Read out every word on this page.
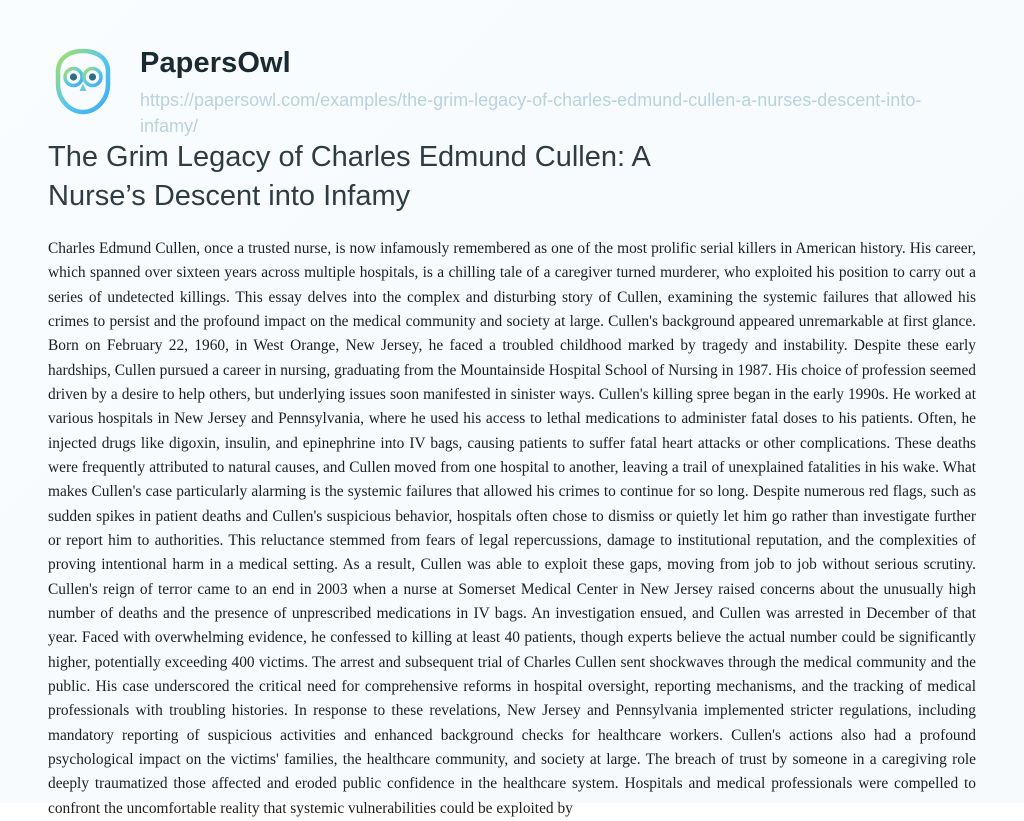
PapersOwl
https://papersowl.com/examples/the-grim-legacy-of-charles-edmund-cullen-a-nurses-descent-into-infamy/
The Grim Legacy of Charles Edmund Cullen: A Nurse’s Descent into Infamy

Charles Edmund Cullen, once a trusted nurse, is now infamously remembered as one of the most prolific serial killers in American history. His career, which spanned over sixteen years across multiple hospitals, is a chilling tale of a caregiver turned murderer, who exploited his position to carry out a series of undetected killings. This essay delves into the complex and disturbing story of Cullen, examining the systemic failures that allowed his crimes to persist and the profound impact on the medical community and society at large. Cullen's background appeared unremarkable at first glance. Born on February 22, 1960, in West Orange, New Jersey, he faced a troubled childhood marked by tragedy and instability. Despite these early hardships, Cullen pursued a career in nursing, graduating from the Mountainside Hospital School of Nursing in 1987. His choice of profession seemed driven by a desire to help others, but underlying issues soon manifested in sinister ways. Cullen's killing spree began in the early 1990s. He worked at various hospitals in New Jersey and Pennsylvania, where he used his access to lethal medications to administer fatal doses to his patients. Often, he injected drugs like digoxin, insulin, and epinephrine into IV bags, causing patients to suffer fatal heart attacks or other complications. These deaths were frequently attributed to natural causes, and Cullen moved from one hospital to another, leaving a trail of unexplained fatalities in his wake. What makes Cullen's case particularly alarming is the systemic failures that allowed his crimes to continue for so long. Despite numerous red flags, such as sudden spikes in patient deaths and Cullen's suspicious behavior, hospitals often chose to dismiss or quietly let him go rather than investigate further or report him to authorities. This reluctance stemmed from fears of legal repercussions, damage to institutional reputation, and the complexities of proving intentional harm in a medical setting. As a result, Cullen was able to exploit these gaps, moving from job to job without serious scrutiny. Cullen's reign of terror came to an end in 2003 when a nurse at Somerset Medical Center in New Jersey raised concerns about the unusually high number of deaths and the presence of unprescribed medications in IV bags. An investigation ensued, and Cullen was arrested in December of that year. Faced with overwhelming evidence, he confessed to killing at least 40 patients, though experts believe the actual number could be significantly higher, potentially exceeding 400 victims. The arrest and subsequent trial of Charles Cullen sent shockwaves through the medical community and the public. His case underscored the critical need for comprehensive reforms in hospital oversight, reporting mechanisms, and the tracking of medical professionals with troubling histories. In response to these revelations, New Jersey and Pennsylvania implemented stricter regulations, including mandatory reporting of suspicious activities and enhanced background checks for healthcare workers. Cullen's actions also had a profound psychological impact on the victims' families, the healthcare community, and society at large. The breach of trust by someone in a caregiving role deeply traumatized those affected and eroded public confidence in the healthcare system. Hospitals and medical professionals were compelled to confront the uncomfortable reality that systemic vulnerabilities could be exploited by
